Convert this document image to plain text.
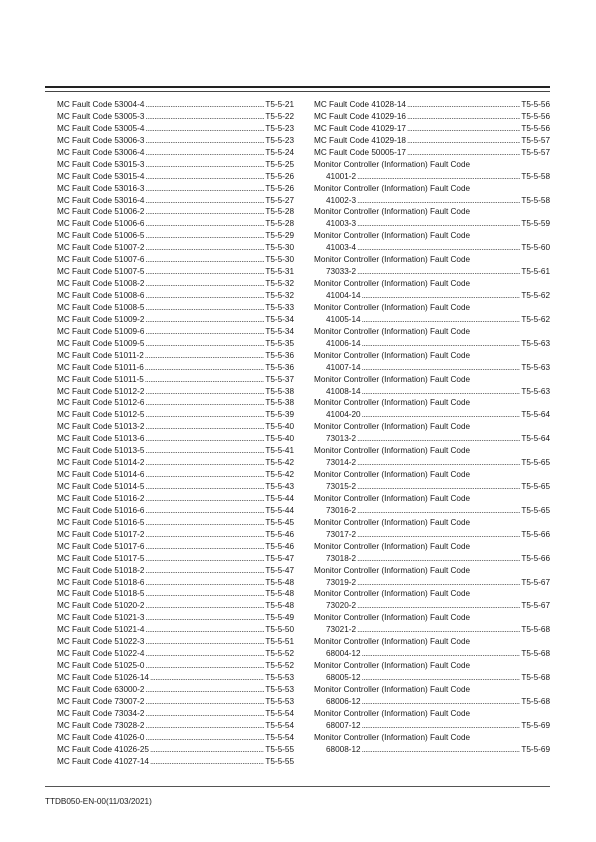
MC Fault Code 53004-4 .....	T5-5-21
MC Fault Code 53005-3 .....	T5-5-22
MC Fault Code 53005-4 .....	T5-5-23
MC Fault Code 53006-3 .....	T5-5-23
MC Fault Code 53006-4 .....	T5-5-24
MC Fault Code 53015-3 .....	T5-5-25
MC Fault Code 53015-4 .....	T5-5-26
MC Fault Code 53016-3 .....	T5-5-26
MC Fault Code 53016-4 .....	T5-5-27
MC Fault Code 51006-2 .....	T5-5-28
MC Fault Code 51006-6 .....	T5-5-28
MC Fault Code 51006-5 .....	T5-5-29
MC Fault Code 51007-2 .....	T5-5-30
MC Fault Code 51007-6 .....	T5-5-30
MC Fault Code 51007-5 .....	T5-5-31
MC Fault Code 51008-2 .....	T5-5-32
MC Fault Code 51008-6 .....	T5-5-32
MC Fault Code 51008-5 .....	T5-5-33
MC Fault Code 51009-2 .....	T5-5-34
MC Fault Code 51009-6 .....	T5-5-34
MC Fault Code 51009-5 .....	T5-5-35
MC Fault Code 51011-2 .....	T5-5-36
MC Fault Code 51011-6 .....	T5-5-36
MC Fault Code 51011-5 .....	T5-5-37
MC Fault Code 51012-2 .....	T5-5-38
MC Fault Code 51012-6 .....	T5-5-38
MC Fault Code 51012-5 .....	T5-5-39
MC Fault Code 51013-2 .....	T5-5-40
MC Fault Code 51013-6 .....	T5-5-40
MC Fault Code 51013-5 .....	T5-5-41
MC Fault Code 51014-2 .....	T5-5-42
MC Fault Code 51014-6 .....	T5-5-42
MC Fault Code 51014-5 .....	T5-5-43
MC Fault Code 51016-2 .....	T5-5-44
MC Fault Code 51016-6 .....	T5-5-44
MC Fault Code 51016-5 .....	T5-5-45
MC Fault Code 51017-2 .....	T5-5-46
MC Fault Code 51017-6 .....	T5-5-46
MC Fault Code 51017-5 .....	T5-5-47
MC Fault Code 51018-2 .....	T5-5-47
MC Fault Code 51018-6 .....	T5-5-48
MC Fault Code 51018-5 .....	T5-5-48
MC Fault Code 51020-2 .....	T5-5-48
MC Fault Code 51021-3 .....	T5-5-49
MC Fault Code 51021-4 .....	T5-5-50
MC Fault Code 51022-3 .....	T5-5-51
MC Fault Code 51022-4 .....	T5-5-52
MC Fault Code 51025-0 .....	T5-5-52
MC Fault Code 51026-14 .....	T5-5-53
MC Fault Code 63000-2 .....	T5-5-53
MC Fault Code 73007-2 .....	T5-5-53
MC Fault Code 73034-2 .....	T5-5-54
MC Fault Code 73028-2 .....	T5-5-54
MC Fault Code 41026-0 .....	T5-5-54
MC Fault Code 41026-25 .....	T5-5-55
MC Fault Code 41027-14 .....	T5-5-55
MC Fault Code 41028-14 .....	T5-5-56
MC Fault Code 41029-16 .....	T5-5-56
MC Fault Code 41029-17 .....	T5-5-56
MC Fault Code 41029-18 .....	T5-5-57
MC Fault Code 50005-17 .....	T5-5-57
Monitor Controller (Information) Fault Code
41001-2 .....	T5-5-58
Monitor Controller (Information) Fault Code
41002-3 .....	T5-5-58
Monitor Controller (Information) Fault Code
41003-3 .....	T5-5-59
Monitor Controller (Information) Fault Code
41003-4 .....	T5-5-60
Monitor Controller (Information) Fault Code
73033-2 .....	T5-5-61
Monitor Controller (Information) Fault Code
41004-14 .....	T5-5-62
Monitor Controller (Information) Fault Code
41005-14 .....	T5-5-62
Monitor Controller (Information) Fault Code
41006-14 .....	T5-5-63
Monitor Controller (Information) Fault Code
41007-14 .....	T5-5-63
Monitor Controller (Information) Fault Code
41008-14 .....	T5-5-63
Monitor Controller (Information) Fault Code
41004-20 .....	T5-5-64
Monitor Controller (Information) Fault Code
73013-2 .....	T5-5-64
Monitor Controller (Information) Fault Code
73014-2 .....	T5-5-65
Monitor Controller (Information) Fault Code
73015-2 .....	T5-5-65
Monitor Controller (Information) Fault Code
73016-2 .....	T5-5-65
Monitor Controller (Information) Fault Code
73017-2 .....	T5-5-66
Monitor Controller (Information) Fault Code
73018-2 .....	T5-5-66
Monitor Controller (Information) Fault Code
73019-2 .....	T5-5-67
Monitor Controller (Information) Fault Code
73020-2 .....	T5-5-67
Monitor Controller (Information) Fault Code
73021-2 .....	T5-5-68
Monitor Controller (Information) Fault Code
68004-12 .....	T5-5-68
Monitor Controller (Information) Fault Code
68005-12 .....	T5-5-68
Monitor Controller (Information) Fault Code
68006-12 .....	T5-5-68
Monitor Controller (Information) Fault Code
68007-12 .....	T5-5-69
Monitor Controller (Information) Fault Code
68008-12 .....	T5-5-69
TTDB050-EN-00(11/03/2021)
